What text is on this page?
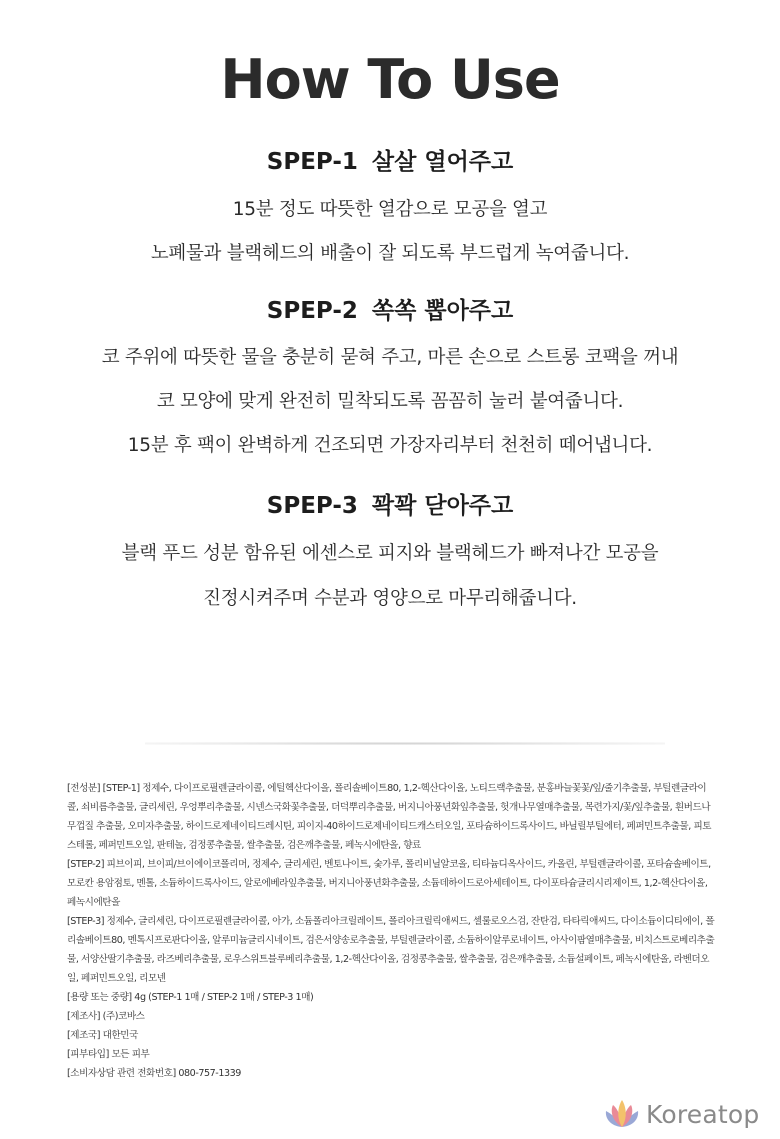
How To Use

SPEP-1 살살 열어주고

15분 정도 따뜻한 열감으로 모공을 열고

노폐물과 블랙헤드의 배출이 잘 되도록 부드럽게 녹여줍니다.

SPEP-2 쏙쏙 뽑아주고

코 주위에 따뜻한 물을 충분히 묻혀 주고, 마른 손으로 스트롱 코팩을 꺼내

코 모양에 맞게 완전히 밀착되도록 꼼꼼히 눌러 붙여줍니다.

15분 후 팩이 완벽하게 건조되면 가장자리부터 천천히 떼어냅니다.

SPEP-3 꽉꽉 닫아주고

블랙 푸드 성분 함유된 에센스로 피지와 블랙헤드가 빠져나간 모공을

진정시켜주며 수분과 영양으로 마무리해줍니다.

[전성분] [STEP-1] 정제수, 다이프로필렌글라이콜, 에틸헥산다이올, 폴리솔베이트80, 1,2-헥산다이올, 노티드랙추출물, 분홍바늘꽃꽃/잎/줄기추출물, 부틸렌글라이콜, 쇠비름추출물, 글리세린, 우엉뿌리추출물, 시넨스국화꽃추출물, 더덕뿌리추출물, 버지니아풍년화잎추출물, 헛개나무열매추출물, 목련가지/꽃/잎추출물, 흰버드나무껍질 추출물, 오미자추출물, 하이드로제네이티드레시틴, 피이지-40하이드로제네이티드캐스터오일, 포타슘하이드록사이드, 바닐릴부틸에터, 페퍼민트추출물, 피토스테롤, 페퍼민트오일, 판테놀, 검정콩추출물, 쌀추출물, 검은깨추출물, 페녹시에탄올, 향료

[STEP-2] 피브이피, 브이피/브이에이코폴리머, 정제수, 글리세린, 벤토나이트, 숯가루, 폴리비닐알코올, 티타늄디옥사이드, 카올린, 부틸렌글라이콜, 포타슘솔베이트, 모로칸 용암점토, 멘톨, 소듐하이드록사이드, 알로에베라잎추출물, 버지니아풍년화추출물, 소듐데하이드로아세테이트, 다이포타슘글리시리제이트, 1,2-헥산다이올, 페녹시에탄올

[STEP-3] 정제수, 글리세린, 다이프로필렌글라이콜, 아가, 소듐폴리아크릴레이트, 폴리아크릴릭애씨드, 셀룰로오스검, 잔탄검, 타타릭애씨드, 다이소듐이디티에이, 폴리솔베이트80, 멘톡시프로판다이올, 알루미늄글리시네이트, 검은서양송로추출물, 부틸렌글라이콜, 소듐하이알루로네이트, 아사이팜열매추출물, 비치스트로베리추출물, 서양산딸기추출물, 라즈베리추출물, 로우스위트블루베리추출물, 1,2-헥산다이올, 검정콩추출물, 쌀추출물, 검은깨추출물, 소듐설페이트, 페녹시에탄올, 라벤더오일, 페퍼민트오일, 리모넨

[용량 또는 중량] 4g (STEP-1 1매 / STEP-2 1매 / STEP-3 1매)

[제조사] (주)코바스

[제조국] 대한민국

[피부타입] 모든 피부

[소비자상담 관련 전화번호] 080-757-1339

Koreatop
